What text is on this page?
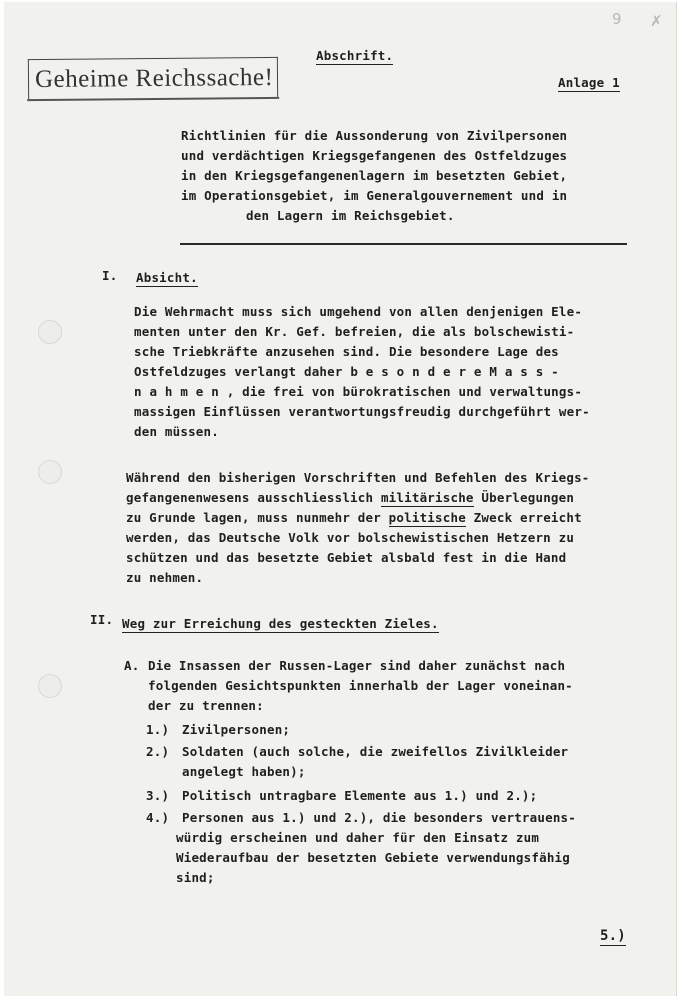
9 ✗
Abschrift.
Geheime Reichssache!	Anlage 1
Richtlinien für die Aussonderung von Zivilpersonen
und verdächtigen Kriegsgefangenen des Ostfeldzuges
in den Kriegsgefangenenlagern im besetzten Gebiet,
im Operationsgebiet, im Generalgouvernement und in
den Lagern im Reichsgebiet.
I. Absicht.
Die Wehrmacht muss sich umgehend von allen denjenigen Ele-
menten unter den Kr. Gef. befreien, die als bolschewisti-
sche Triebkräfte anzusehen sind. Die besondere Lage des
Ostfeldzuges verlangt daher b e s o n d e r e M a s s -
n a h m e n , die frei von bürokratischen und verwaltungs-
massigen Einflüssen verantwortungsfreudig durchgeführt wer-
den müssen.
Während den bisherigen Vorschriften und Befehlen des Kriegs-
gefangenenwesens ausschliesslich militärische Überlegungen
zu Grunde lagen, muss nunmehr der politische Zweck erreicht
werden, das Deutsche Volk vor bolschewistischen Hetzern zu
schützen und das besetzte Gebiet alsbald fest in die Hand
zu nehmen.
II. Weg zur Erreichung des gesteckten Zieles.
A. Die Insassen der Russen-Lager sind daher zunächst nach
folgenden Gesichtspunkten innerhalb der Lager voneinan-
der zu trennen:
1.) Zivilpersonen;
2.) Soldaten (auch solche, die zweifellos Zivilkleider
angelegt haben);
3.) Politisch untragbare Elemente aus 1.) und 2.);
4.) Personen aus 1.) und 2.), die besonders vertrauens-
würdig erscheinen und daher für den Einsatz zum
Wiederaufbau der besetzten Gebiete verwendungsfähig
sind;
5.)
